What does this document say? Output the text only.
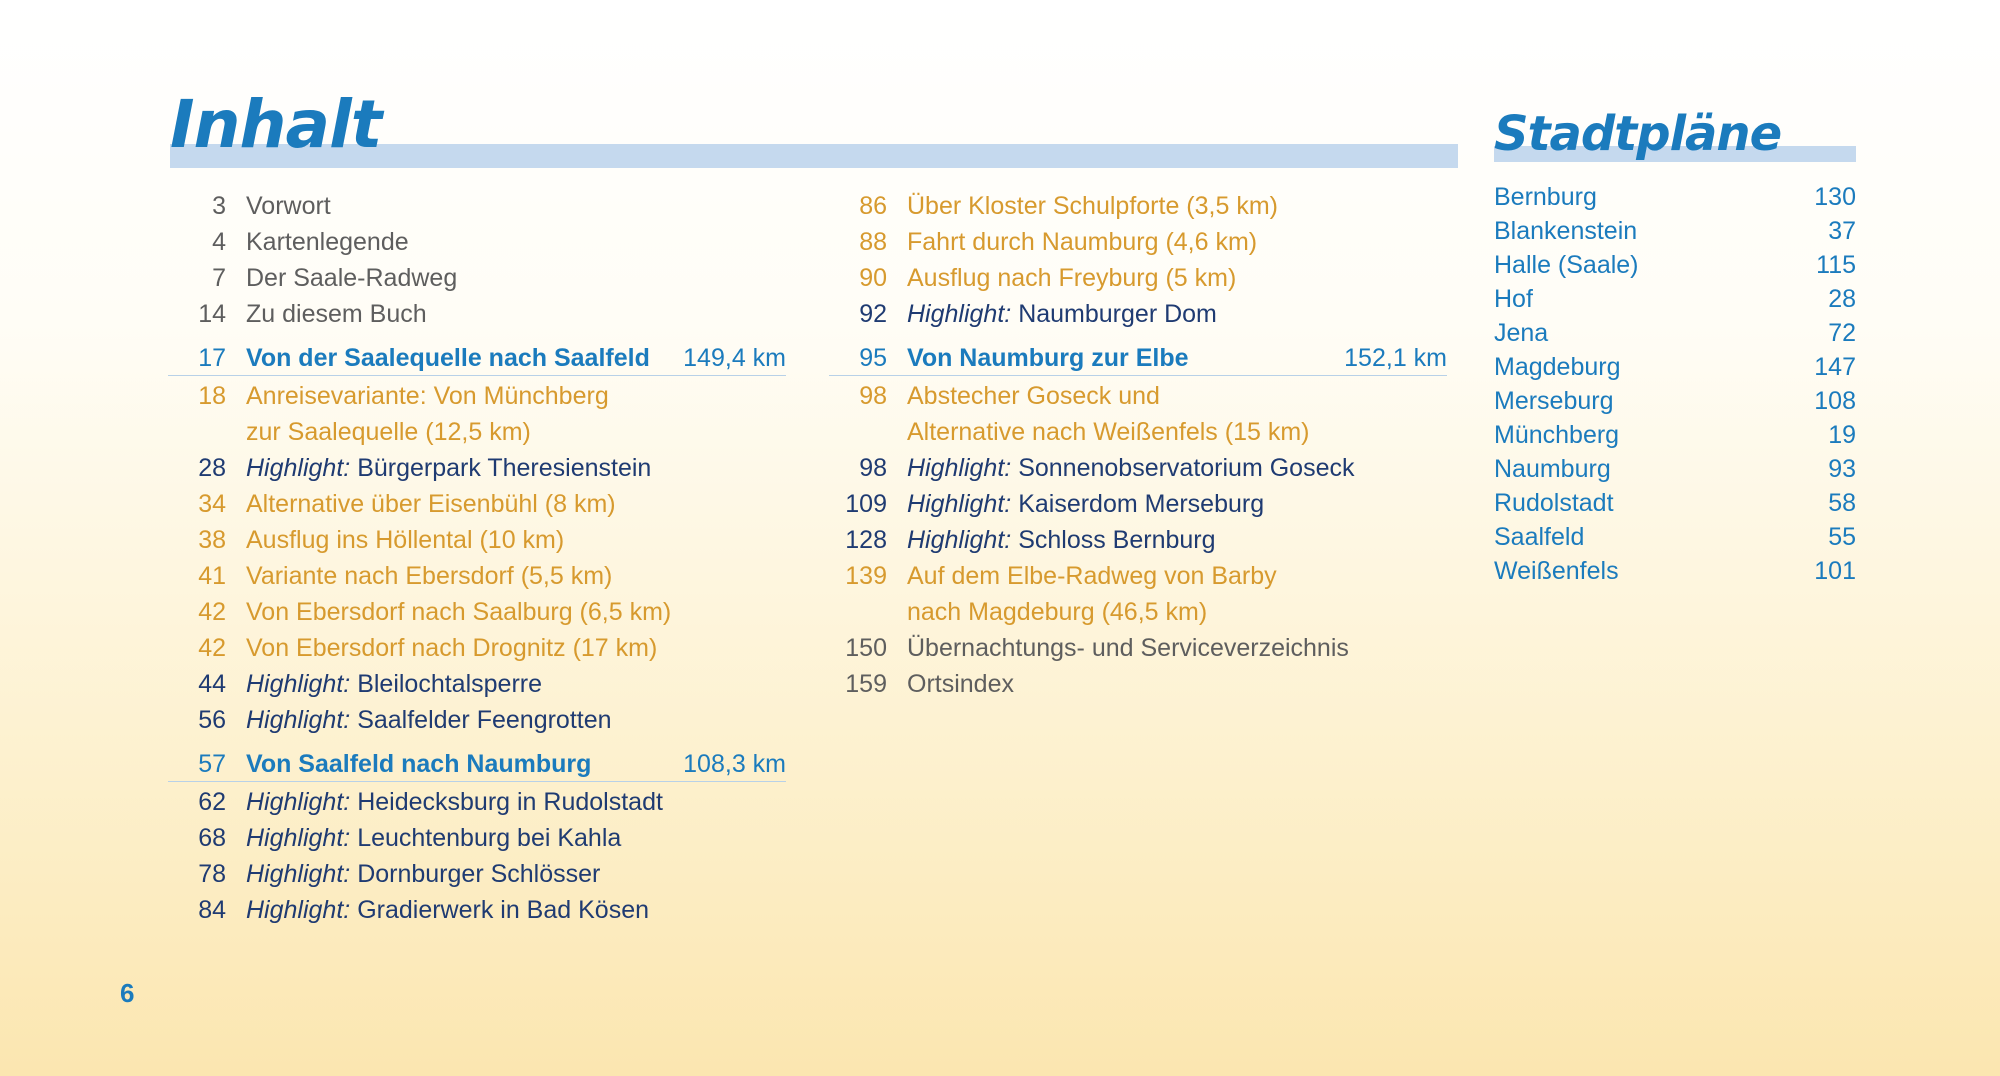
Inhalt	Stadtpläne
3 Vorwort
4 Kartenlegende
7 Der Saale-Radweg
14 Zu diesem Buch
17 Von der Saalequelle nach Saalfeld	149,4 km
18 Anreisevariante: Von Münchberg
zur Saalequelle (12,5 km)
28 Highlight: Bürgerpark Theresienstein
34 Alternative über Eisenbühl (8 km)
38 Ausflug ins Höllental (10 km)
41 Variante nach Ebersdorf (5,5 km)
42 Von Ebersdorf nach Saalburg (6,5 km)
42 Von Ebersdorf nach Drognitz (17 km)
44 Highlight: Bleilochtalsperre
56 Highlight: Saalfelder Feengrotten
57 Von Saalfeld nach Naumburg	108,3 km
62 Highlight: Heidecksburg in Rudolstadt
68 Highlight: Leuchtenburg bei Kahla
78 Highlight: Dornburger Schlösser
84 Highlight: Gradierwerk in Bad Kösen
86 Über Kloster Schulpforte (3,5 km)
88 Fahrt durch Naumburg (4,6 km)
90 Ausflug nach Freyburg (5 km)
92 Highlight: Naumburger Dom
95 Von Naumburg zur Elbe	152,1 km
98 Abstecher Goseck und
Alternative nach Weißenfels (15 km)
98 Highlight: Sonnenobservatorium Goseck
109 Highlight: Kaiserdom Merseburg
128 Highlight: Schloss Bernburg
139 Auf dem Elbe-Radweg von Barby
nach Magdeburg (46,5 km)
150 Übernachtungs- und Serviceverzeichnis
159 Ortsindex
Bernburg	130
Blankenstein	37
Halle (Saale)	115
Hof	28
Jena	72
Magdeburg	147
Merseburg	108
Münchberg	19
Naumburg	93
Rudolstadt	58
Saalfeld	55
Weißenfels	101
6
